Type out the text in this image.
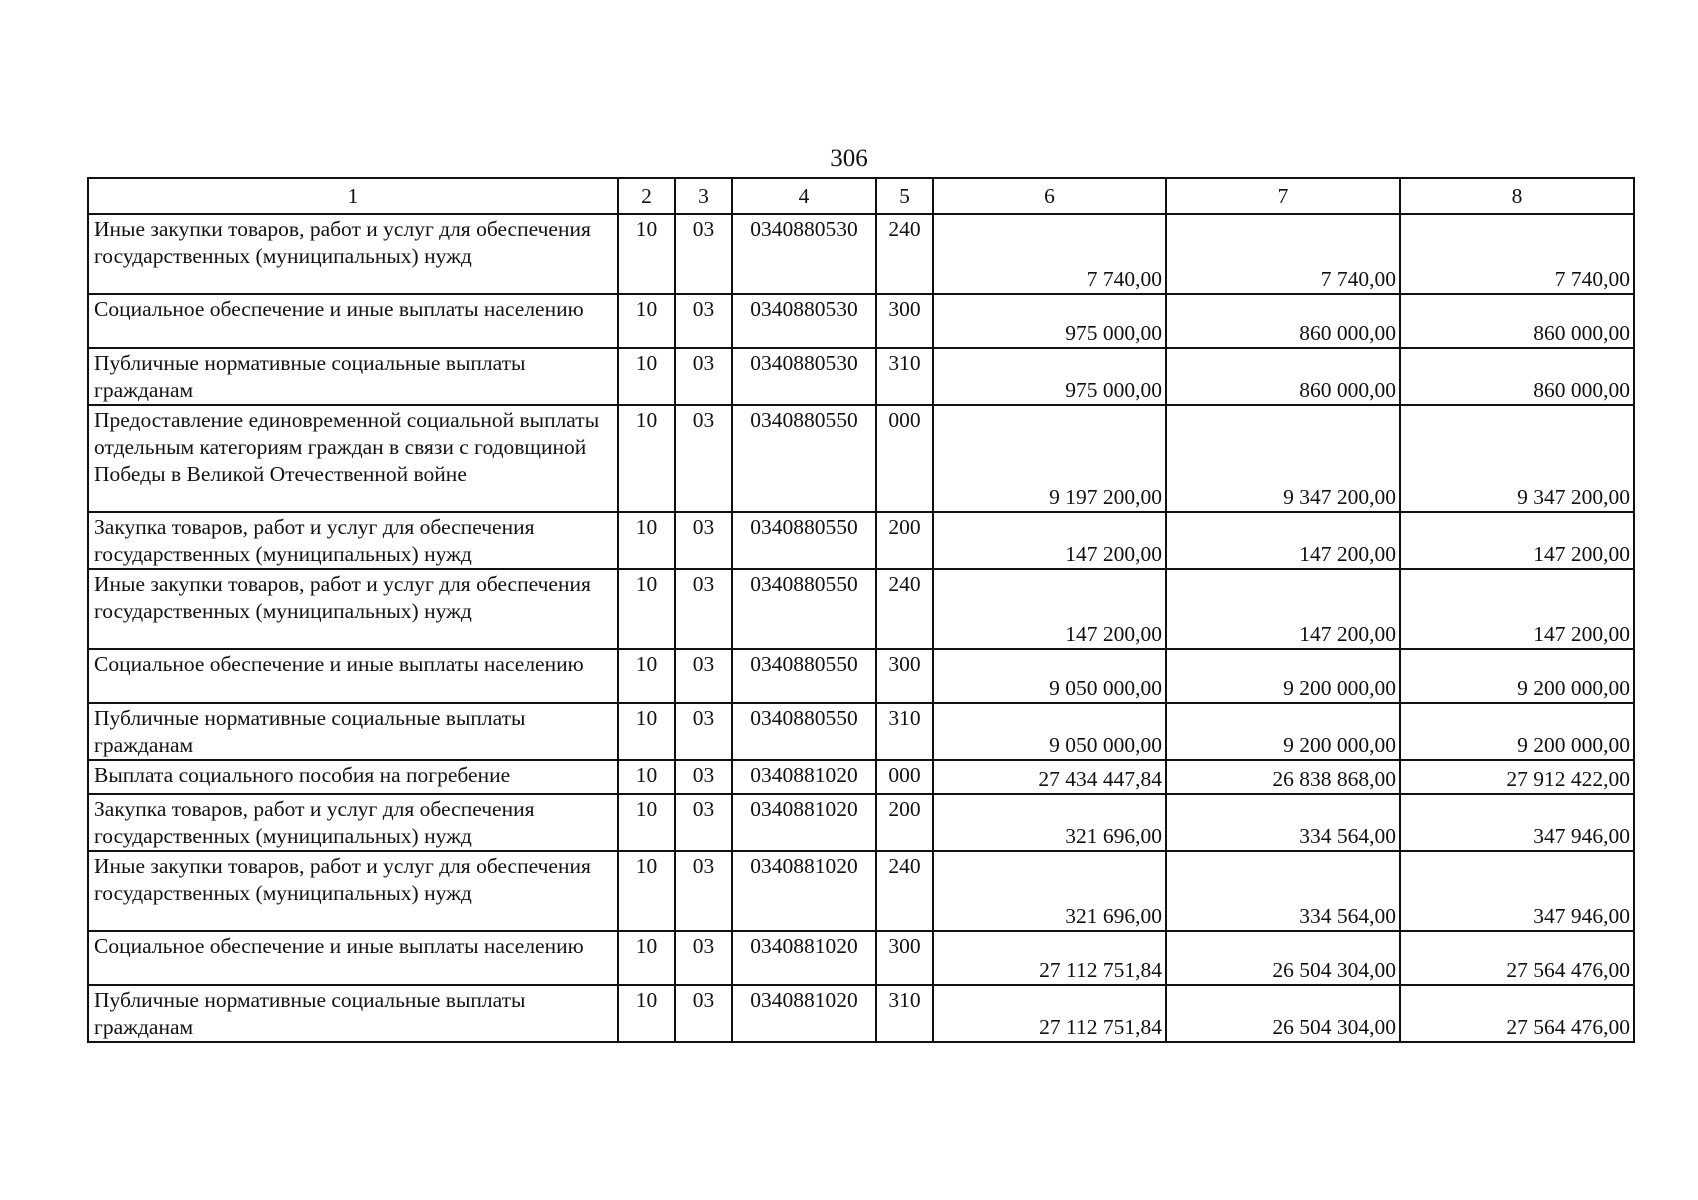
306
1	2	3	4	5	6	7	8
Иные закупки товаров, работ и услуг для обеспечения государственных (муниципальных) нужд	10	03	0340880530	240	7 740,00	7 740,00	7 740,00
Социальное обеспечение и иные выплаты населению	10	03	0340880530	300	975 000,00	860 000,00	860 000,00
Публичные нормативные социальные выплаты гражданам	10	03	0340880530	310	975 000,00	860 000,00	860 000,00
Предоставление единовременной социальной выплаты отдельным категориям граждан в связи с годовщиной Победы в Великой Отечественной войне	10	03	0340880550	000	9 197 200,00	9 347 200,00	9 347 200,00
Закупка товаров, работ и услуг для обеспечения государственных (муниципальных) нужд	10	03	0340880550	200	147 200,00	147 200,00	147 200,00
Иные закупки товаров, работ и услуг для обеспечения государственных (муниципальных) нужд	10	03	0340880550	240	147 200,00	147 200,00	147 200,00
Социальное обеспечение и иные выплаты населению	10	03	0340880550	300	9 050 000,00	9 200 000,00	9 200 000,00
Публичные нормативные социальные выплаты гражданам	10	03	0340880550	310	9 050 000,00	9 200 000,00	9 200 000,00
Выплата социального пособия на погребение	10	03	0340881020	000	27 434 447,84	26 838 868,00	27 912 422,00
Закупка товаров, работ и услуг для обеспечения государственных (муниципальных) нужд	10	03	0340881020	200	321 696,00	334 564,00	347 946,00
Иные закупки товаров, работ и услуг для обеспечения государственных (муниципальных) нужд	10	03	0340881020	240	321 696,00	334 564,00	347 946,00
Социальное обеспечение и иные выплаты населению	10	03	0340881020	300	27 112 751,84	26 504 304,00	27 564 476,00
Публичные нормативные социальные выплаты гражданам	10	03	0340881020	310	27 112 751,84	26 504 304,00	27 564 476,00
